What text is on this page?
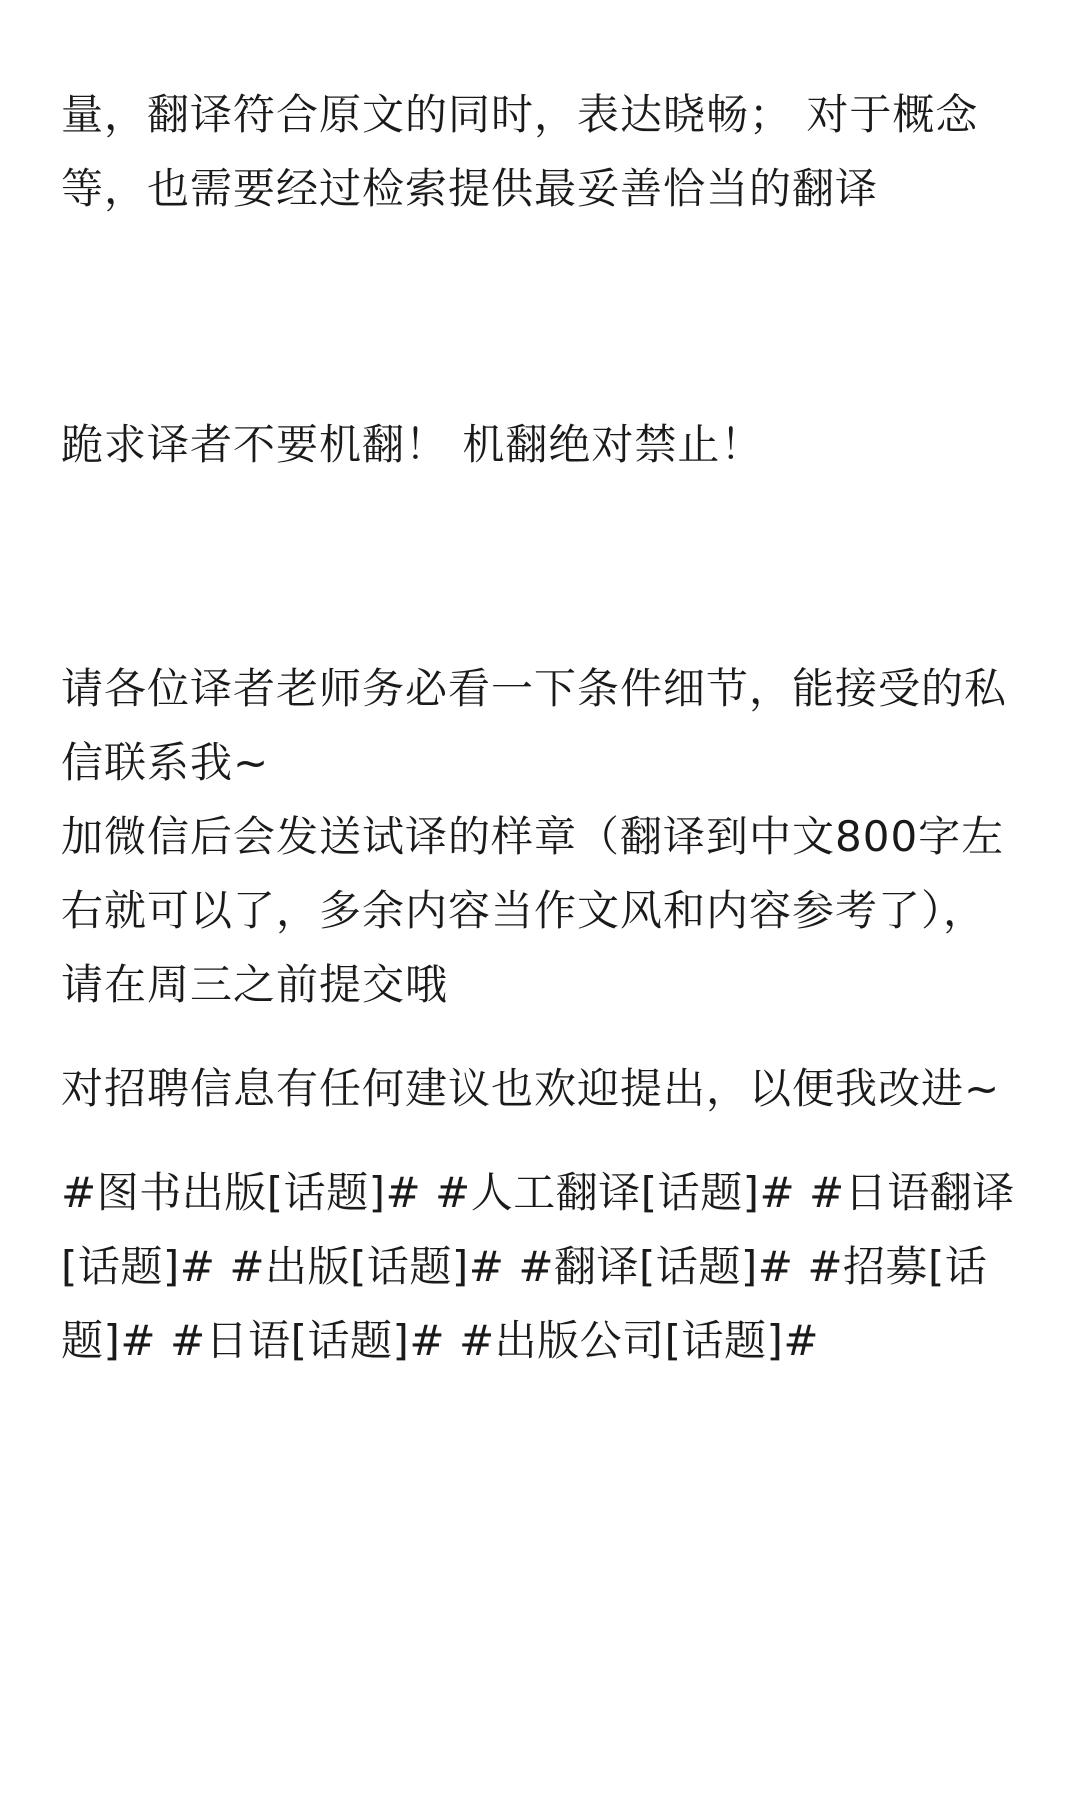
量，翻译符合原文的同时，表达晓畅； 对于概念等，也需要经过检索提供最妥善恰当的翻译

跪求译者不要机翻！ 机翻绝对禁止！

请各位译者老师务必看一下条件细节，能接受的私信联系我~

加微信后会发送试译的样章（翻译到中文800字左右就可以了，多余内容当作文风和内容参考了），请在周三之前提交哦

对招聘信息有任何建议也欢迎提出，以便我改进~

#图书出版[话题]# #人工翻译[话题]# #日语翻译[话题]# #出版[话题]# #翻译[话题]# #招募[话题]# #日语[话题]# #出版公司[话题]#
